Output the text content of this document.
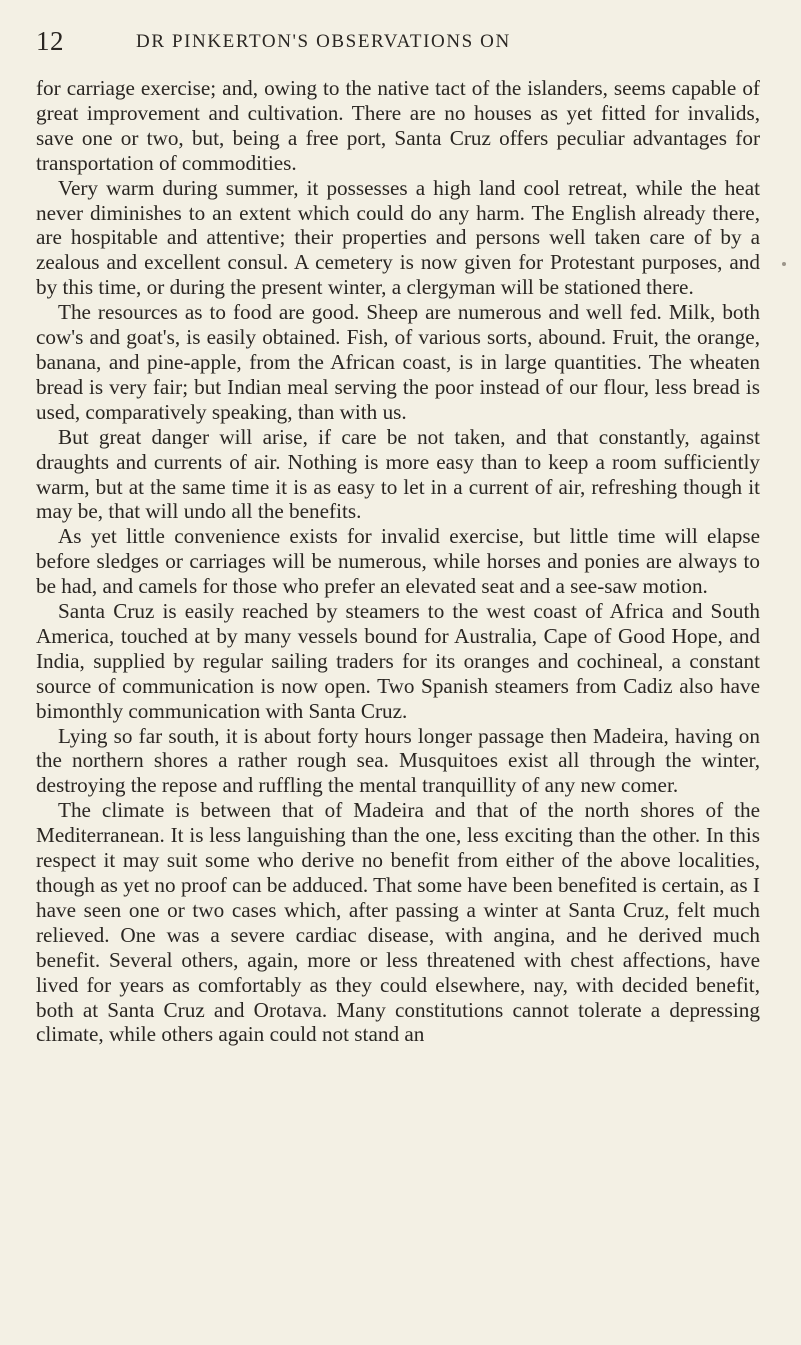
12	DR PINKERTON'S OBSERVATIONS ON

for carriage exercise; and, owing to the native tact of the islanders, seems capable of great improvement and cultivation. There are no houses as yet fitted for invalids, save one or two, but, being a free port, Santa Cruz offers peculiar advantages for transportation of commodities.

Very warm during summer, it possesses a high land cool retreat, while the heat never diminishes to an extent which could do any harm. The English already there, are hospitable and attentive; their properties and persons well taken care of by a zealous and excellent consul. A cemetery is now given for Protestant purposes, and by this time, or during the present winter, a clergyman will be stationed there.

The resources as to food are good. Sheep are numerous and well fed. Milk, both cow's and goat's, is easily obtained. Fish, of various sorts, abound. Fruit, the orange, banana, and pine-apple, from the African coast, is in large quantities. The wheaten bread is very fair; but Indian meal serving the poor instead of our flour, less bread is used, comparatively speaking, than with us.

But great danger will arise, if care be not taken, and that constantly, against draughts and currents of air. Nothing is more easy than to keep a room sufficiently warm, but at the same time it is as easy to let in a current of air, refreshing though it may be, that will undo all the benefits.

As yet little convenience exists for invalid exercise, but little time will elapse before sledges or carriages will be numerous, while horses and ponies are always to be had, and camels for those who prefer an elevated seat and a see-saw motion.

Santa Cruz is easily reached by steamers to the west coast of Africa and South America, touched at by many vessels bound for Australia, Cape of Good Hope, and India, supplied by regular sailing traders for its oranges and cochineal, a constant source of communication is now open. Two Spanish steamers from Cadiz also have bimonthly communication with Santa Cruz.

Lying so far south, it is about forty hours longer passage then Madeira, having on the northern shores a rather rough sea. Musquitoes exist all through the winter, destroying the repose and ruffling the mental tranquillity of any new comer.

The climate is between that of Madeira and that of the north shores of the Mediterranean. It is less languishing than the one, less exciting than the other. In this respect it may suit some who derive no benefit from either of the above localities, though as yet no proof can be adduced. That some have been benefited is certain, as I have seen one or two cases which, after passing a winter at Santa Cruz, felt much relieved. One was a severe cardiac disease, with angina, and he derived much benefit. Several others, again, more or less threatened with chest affections, have lived for years as comfortably as they could elsewhere, nay, with decided benefit, both at Santa Cruz and Orotava. Many constitutions cannot tolerate a depressing climate, while others again could not stand an
